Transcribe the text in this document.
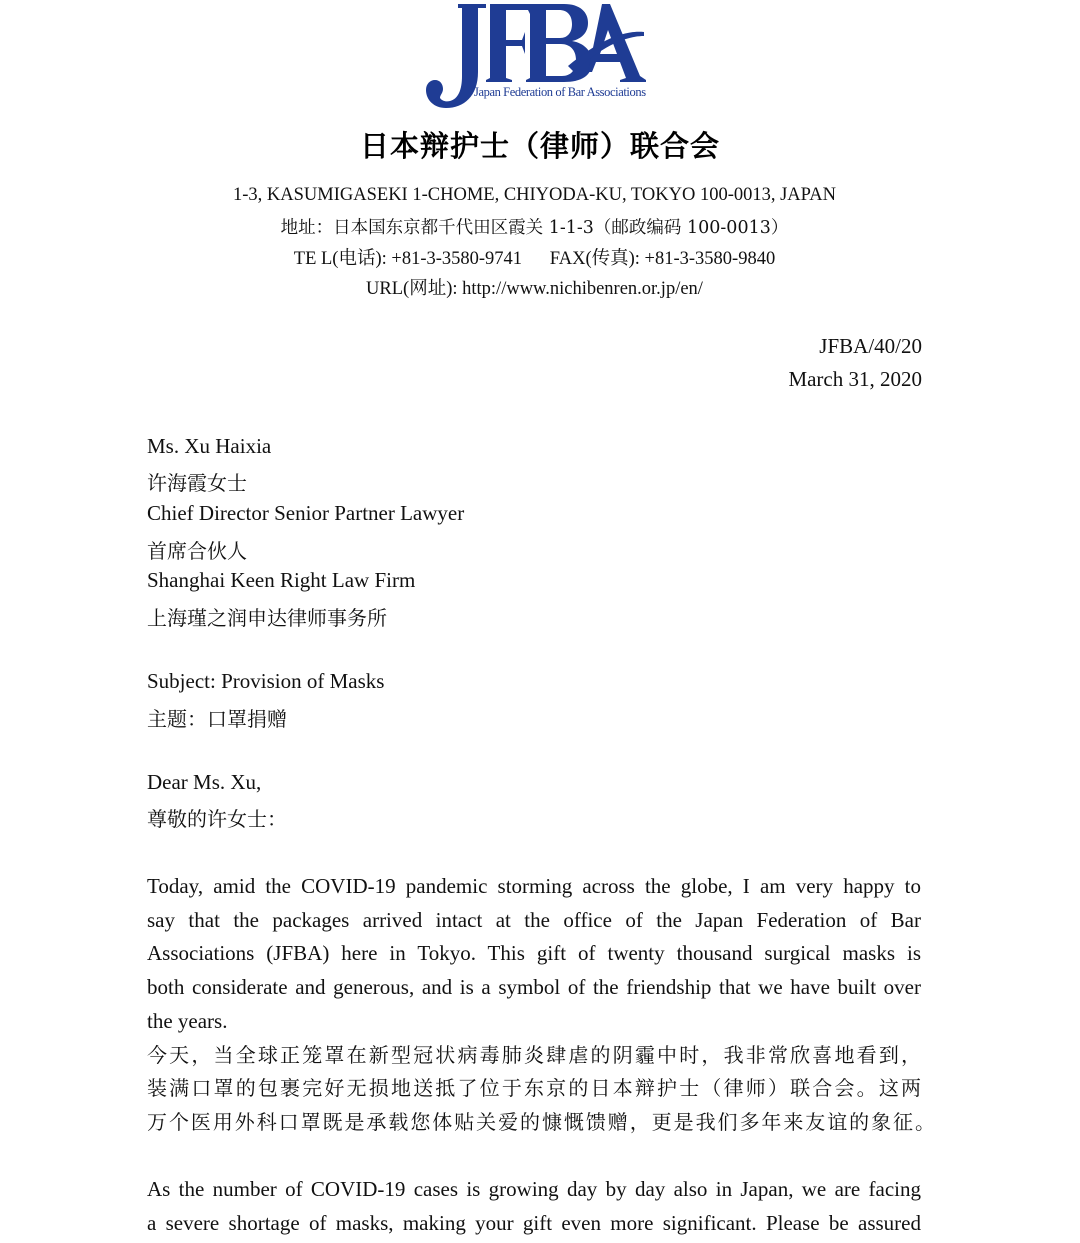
Japan Federation of Bar Associations
日本辩护士（律师）联合会
1-3, KASUMIGASEKI 1-CHOME, CHIYODA-KU, TOKYO 100-0013, JAPAN
地址：日本国东京都千代田区霞关 1-1-3（邮政编码 100-0013）
TE L(电话): +81-3-3580-9741      FAX(传真): +81-3-3580-9840
URL(网址): http://www.nichibenren.or.jp/en/
JFBA/40/20
March 31, 2020
Ms. Xu Haixia
许海霞女士
Chief Director Senior Partner Lawyer
首席合伙人
Shanghai Keen Right Law Firm
上海瑾之润申达律师事务所
Subject: Provision of Masks
主题：口罩捐赠
Dear Ms. Xu,
尊敬的许女士：
Today, amid the COVID-19 pandemic storming across the globe, I am very happy to
say that the packages arrived intact at the office of the Japan Federation of Bar
Associations (JFBA) here in Tokyo. This gift of twenty thousand surgical masks is
both considerate and generous, and is a symbol of the friendship that we have built over
the years.
今天，当全球正笼罩在新型冠状病毒肺炎肆虐的阴霾中时，我非常欣喜地看到，
装满口罩的包裹完好无损地送抵了位于东京的日本辩护士（律师）联合会。这两
万个医用外科口罩既是承载您体贴关爱的慷慨馈赠，更是我们多年来友谊的象征。
As the number of COVID-19 cases is growing day by day also in Japan, we are facing
a severe shortage of masks, making your gift even more significant. Please be assured
